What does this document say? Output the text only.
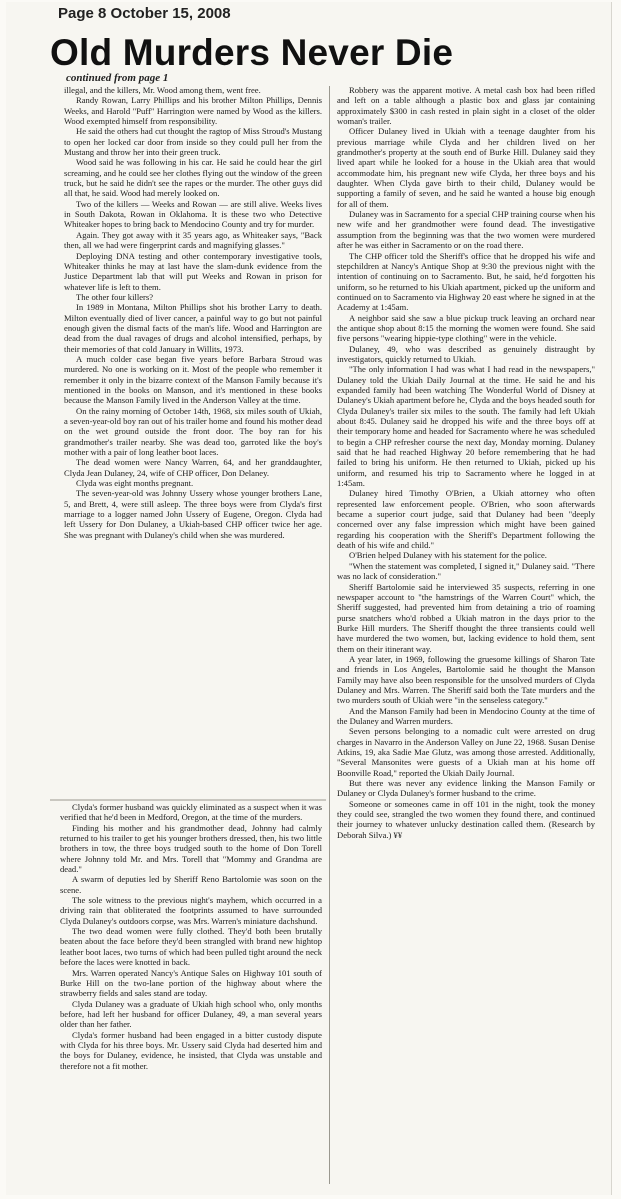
Page 8 October 15, 2008
Old Murders Never Die
continued from page 1

illegal, and the killers, Mr. Wood among them, went free.

Randy Rowan, Larry Phillips and his brother Milton Phillips, Dennis Weeks, and Harold "Puff" Harrington were named by Wood as the killers. Wood exempted himself from responsibility.

He said the others had cut thought the ragtop of Miss Stroud's Mustang to open her locked car door from inside so they could pull her from the Mustang and throw her into their green truck.

Wood said he was following in his car. He said he could hear the girl screaming, and he could see her clothes flying out the window of the green truck, but he said he didn't see the rapes or the murder. The other guys did all that, he said. Wood had merely looked on.

Two of the killers — Weeks and Rowan — are still alive. Weeks lives in South Dakota, Rowan in Oklahoma. It is these two who Detective Whiteaker hopes to bring back to Mendocino County and try for murder.

Again. They got away with it 35 years ago, as Whiteaker says, "Back then, all we had were fingerprint cards and magnifying glasses."

Deploying DNA testing and other contemporary investigative tools, Whiteaker thinks he may at last have the slam-dunk evidence from the Justice Department lab that will put Weeks and Rowan in prison for whatever life is left to them.

The other four killers?

In 1989 in Montana, Milton Phillips shot his brother Larry to death. Milton eventually died of liver cancer, a painful way to go but not painful enough given the dismal facts of the man's life. Wood and Harrington are dead from the dual ravages of drugs and alcohol intensified, perhaps, by their memories of that cold January in Willits, 1973.

A much colder case began five years before Barbara Stroud was murdered. No one is working on it. Most of the people who remember it remember it only in the bizarre context of the Manson Family because it's mentioned in the books on Manson, and it's mentioned in these books because the Manson Family lived in the Anderson Valley at the time.

On the rainy morning of October 14th, 1968, six miles south of Ukiah, a seven-year-old boy ran out of his trailer home and found his mother dead on the wet ground outside the front door. The boy ran for his grandmother's trailer nearby. She was dead too, garroted like the boy's mother with a pair of long leather boot laces.

The dead women were Nancy Warren, 64, and her granddaughter, Clyda Jean Dulaney, 24, wife of CHP officer, Don Delaney.

Clyda was eight months pregnant.

The seven-year-old was Johnny Ussery whose younger brothers Lane, 5, and Brett, 4, were still asleep. The three boys were from Clyda's first marriage to a logger named John Ussery of Eugene, Oregon. Clyda had left Ussery for Don Dulaney, a Ukiah-based CHP officer twice her age. She was pregnant with Dulaney's child when she was murdered.

Clyda's former husband was quickly eliminated as a suspect when it was verified that he'd been in Medford, Oregon, at the time of the murders.

Finding his mother and his grandmother dead, Johnny had calmly returned to his trailer to get his younger brothers dressed, then, his two little brothers in tow, the three boys trudged south to the home of Don Torell where Johnny told Mr. and Mrs. Torell that "Mommy and Grandma are dead."

A swarm of deputies led by Sheriff Reno Bartolomie was soon on the scene.

The sole witness to the previous night's mayhem, which occurred in a driving rain that obliterated the footprints assumed to have surrounded Clyda Dulaney's outdoors corpse, was Mrs. Warren's miniature dachshund.

The two dead women were fully clothed. They'd both been brutally beaten about the face before they'd been strangled with brand new hightop leather boot laces, two turns of which had been pulled tight around the neck before the laces were knotted in back.

Mrs. Warren operated Nancy's Antique Sales on Highway 101 south of Burke Hill on the two-lane portion of the highway about where the strawberry fields and sales stand are today.

Clyda Dulaney was a graduate of Ukiah high school who, only months before, had left her husband for officer Dulaney, 49, a man several years older than her father.

Clyda's former husband had been engaged in a bitter custody dispute with Clyda for his three boys. Mr. Ussery said Clyda had deserted him and the boys for Dulaney, evidence, he insisted, that Clyda was unstable and therefore not a fit mother.

Robbery was the apparent motive. A metal cash box had been rifled and left on a table although a plastic box and glass jar containing approximately $300 in cash rested in plain sight in a closet of the older woman's trailer.

Officer Dulaney lived in Ukiah with a teenage daughter from his previous marriage while Clyda and her children lived on her grandmother's property at the south end of Burke Hill. Dulaney said they lived apart while he looked for a house in the Ukiah area that would accommodate him, his pregnant new wife Clyda, her three boys and his daughter. When Clyda gave birth to their child, Dulaney would be supporting a family of seven, and he said he wanted a house big enough for all of them.

Dulaney was in Sacramento for a special CHP training course when his new wife and her grandmother were found dead. The investigative assumption from the beginning was that the two women were murdered after he was either in Sacramento or on the road there.

The CHP officer told the Sheriff's office that he dropped his wife and stepchildren at Nancy's Antique Shop at 9:30 the previous night with the intention of continuing on to Sacramento. But, he said, he'd forgotten his uniform, so he returned to his Ukiah apartment, picked up the uniform and continued on to Sacramento via Highway 20 east where he signed in at the Academy at 1:45am.

A neighbor said she saw a blue pickup truck leaving an orchard near the antique shop about 8:15 the morning the women were found. She said five persons "wearing hippie-type clothing" were in the vehicle.

Dulaney, 49, who was described as genuinely distraught by investigators, quickly returned to Ukiah.

"The only information I had was what I had read in the newspapers," Dulaney told the Ukiah Daily Journal at the time. He said he and his expanded family had been watching The Wonderful World of Disney at Dulaney's Ukiah apartment before he, Clyda and the boys headed south for Clyda Dulaney's trailer six miles to the south. The family had left Ukiah about 8:45. Dulaney said he dropped his wife and the three boys off at their temporary home and headed for Sacramento where he was scheduled to begin a CHP refresher course the next day, Monday morning. Dulaney said that he had reached Highway 20 before remembering that he had failed to bring his uniform. He then returned to Ukiah, picked up his uniform, and resumed his trip to Sacramento where he logged in at 1:45am.

Dulaney hired Timothy O'Brien, a Ukiah attorney who often represented law enforcement people. O'Brien, who soon afterwards became a superior court judge, said that Dulaney had been "deeply concerned over any false impression which might have been gained regarding his cooperation with the Sheriff's Department following the death of his wife and child."

O'Brien helped Dulaney with his statement for the police.

"When the statement was completed, I signed it," Dulaney said. "There was no lack of consideration."

Sheriff Bartolomie said he interviewed 35 suspects, referring in one newspaper account to "the hamstrings of the Warren Court" which, the Sheriff suggested, had prevented him from detaining a trio of roaming purse snatchers who'd robbed a Ukiah matron in the days prior to the Burke Hill murders. The Sheriff thought the three transients could well have murdered the two women, but, lacking evidence to hold them, sent them on their itinerant way.

A year later, in 1969, following the gruesome killings of Sharon Tate and friends in Los Angeles, Bartolomie said he thought the Manson Family may have also been responsible for the unsolved murders of Clyda Dulaney and Mrs. Warren. The Sheriff said both the Tate murders and the two murders south of Ukiah were "in the senseless category."

And the Manson Family had been in Mendocino County at the time of the Dulaney and Warren murders.

Seven persons belonging to a nomadic cult were arrested on drug charges in Navarro in the Anderson Valley on June 22, 1968. Susan Denise Atkins, 19, aka Sadie Mae Glutz, was among those arrested. Additionally, "Several Mansonites were guests of a Ukiah man at his home off Boonville Road," reported the Ukiah Daily Journal.

But there was never any evidence linking the Manson Family or Dulaney or Clyda Dulaney's former husband to the crime.

Someone or someones came in off 101 in the night, took the money they could see, strangled the two women they found there, and continued their journey to whatever unlucky destination called them. (Research by Deborah Silva.) ¥¥
